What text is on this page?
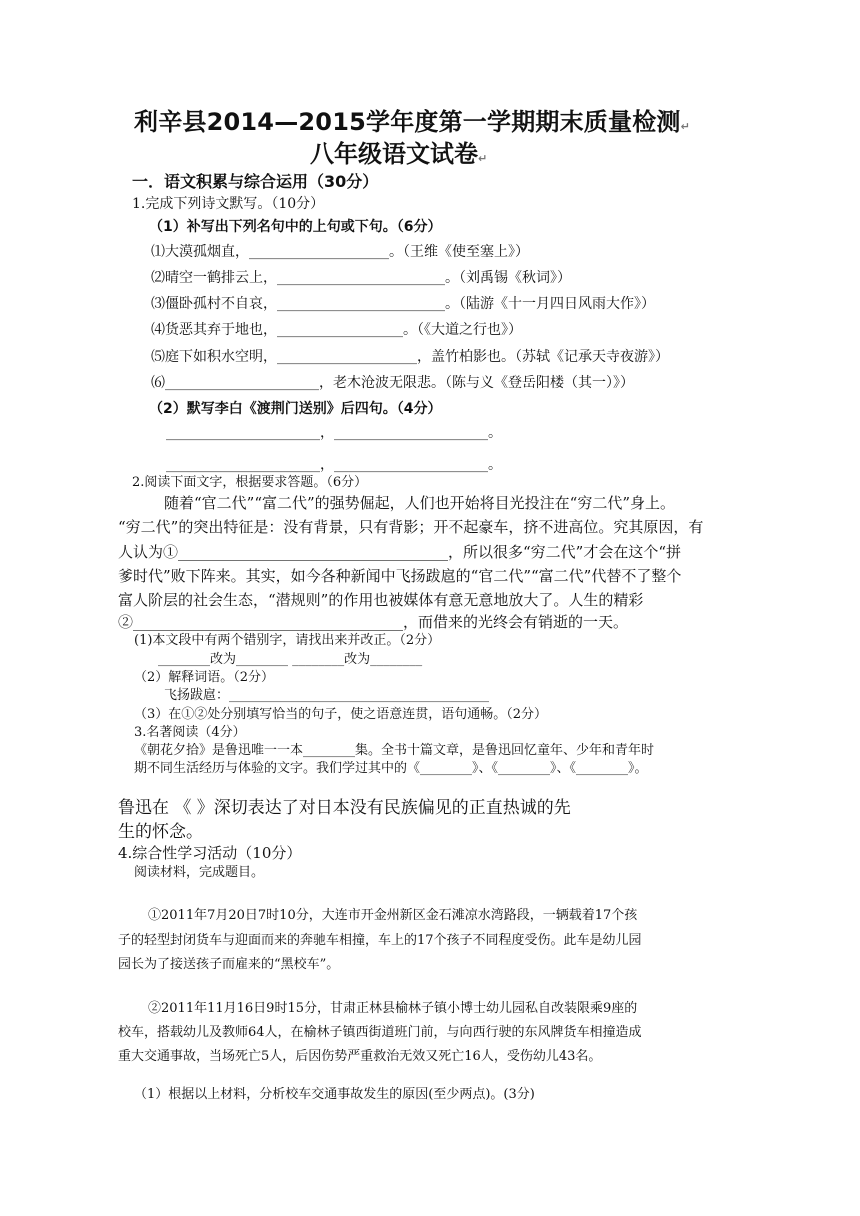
利辛县2014—2015学年度第一学期期末质量检测↵
八年级语文试卷↵
一．语文积累与综合运用（30分）
1.完成下列诗文默写。（10分）
（1）补写出下列名句中的上句或下句。（6分）
⑴大漠孤烟直，____________________。（王维《使至塞上》）
⑵晴空一鹤排云上，________________________。（刘禹锡《秋词》）
⑶僵卧孤村不自哀，________________________。（陆游《十一月四日风雨大作》）
⑷货恶其弃于地也，__________________。（《大道之行也》）
⑸庭下如积水空明，____________________，盖竹柏影也。（苏轼《记承天寺夜游》）
⑹______________________，老木沧波无限悲。（陈与义《登岳阳楼（其一）》）
（2）默写李白《渡荆门送别》后四句。（4分）
______________________，______________________。
______________________，______________________。
2.阅读下面文字，根据要求答题。（6分）
随着“官二代”“富二代”的强势倔起，人们也开始将目光投注在“穷二代”身上。
“穷二代”的突出特征是：没有背景，只有背影；开不起豪车，挤不进高位。究其原因，有
人认为①____________________________________，所以很多“穷二代”才会在这个“拼
爹时代”败下阵来。其实，如今各种新闻中飞扬跋扈的“官二代”“富二代”代替不了整个
富人阶层的社会生态，“潜规则”的作用也被媒体有意无意地放大了。人生的精彩
②____________________________________，而借来的光终会有销逝的一天。
(1)本文段中有两个错别字，请找出来并改正。（2分）
________改为________ ________改为________
（2）解释词语。（2分）
飞扬跋扈：________________________________________
（3）在①②处分别填写恰当的句子，使之语意连贯，语句通畅。（2分）
3.名著阅读（4分）
《朝花夕拾》是鲁迅唯一一本________集。全书十篇文章，是鲁迅回忆童年、少年和青年时
期不同生活经历与体验的文字。我们学过其中的《________》、《________》、《________》。
鲁迅在 《 》深切表达了对日本没有民族偏见的正直热诚的先
生的怀念。
4.综合性学习活动（10分）
阅读材料，完成题目。
①2011年7月20日7时10分，大连市开金州新区金石滩凉水湾路段，一辆载着17个孩
子的轻型封闭货车与迎面而来的奔驰车相撞，车上的17个孩子不同程度受伤。此车是幼儿园
园长为了接送孩子而雇来的“黑校车”。
②2011年11月16日9时15分，甘肃正林县榆林子镇小博士幼儿园私自改装限乘9座的
校车，搭载幼儿及教师64人，在榆林子镇西街道班门前，与向西行驶的东风牌货车相撞造成
重大交通事故，当场死亡5人，后因伤势严重救治无效又死亡16人，受伤幼儿43名。
（1）根据以上材料，分析校车交通事故发生的原因(至少两点)。(3分)
